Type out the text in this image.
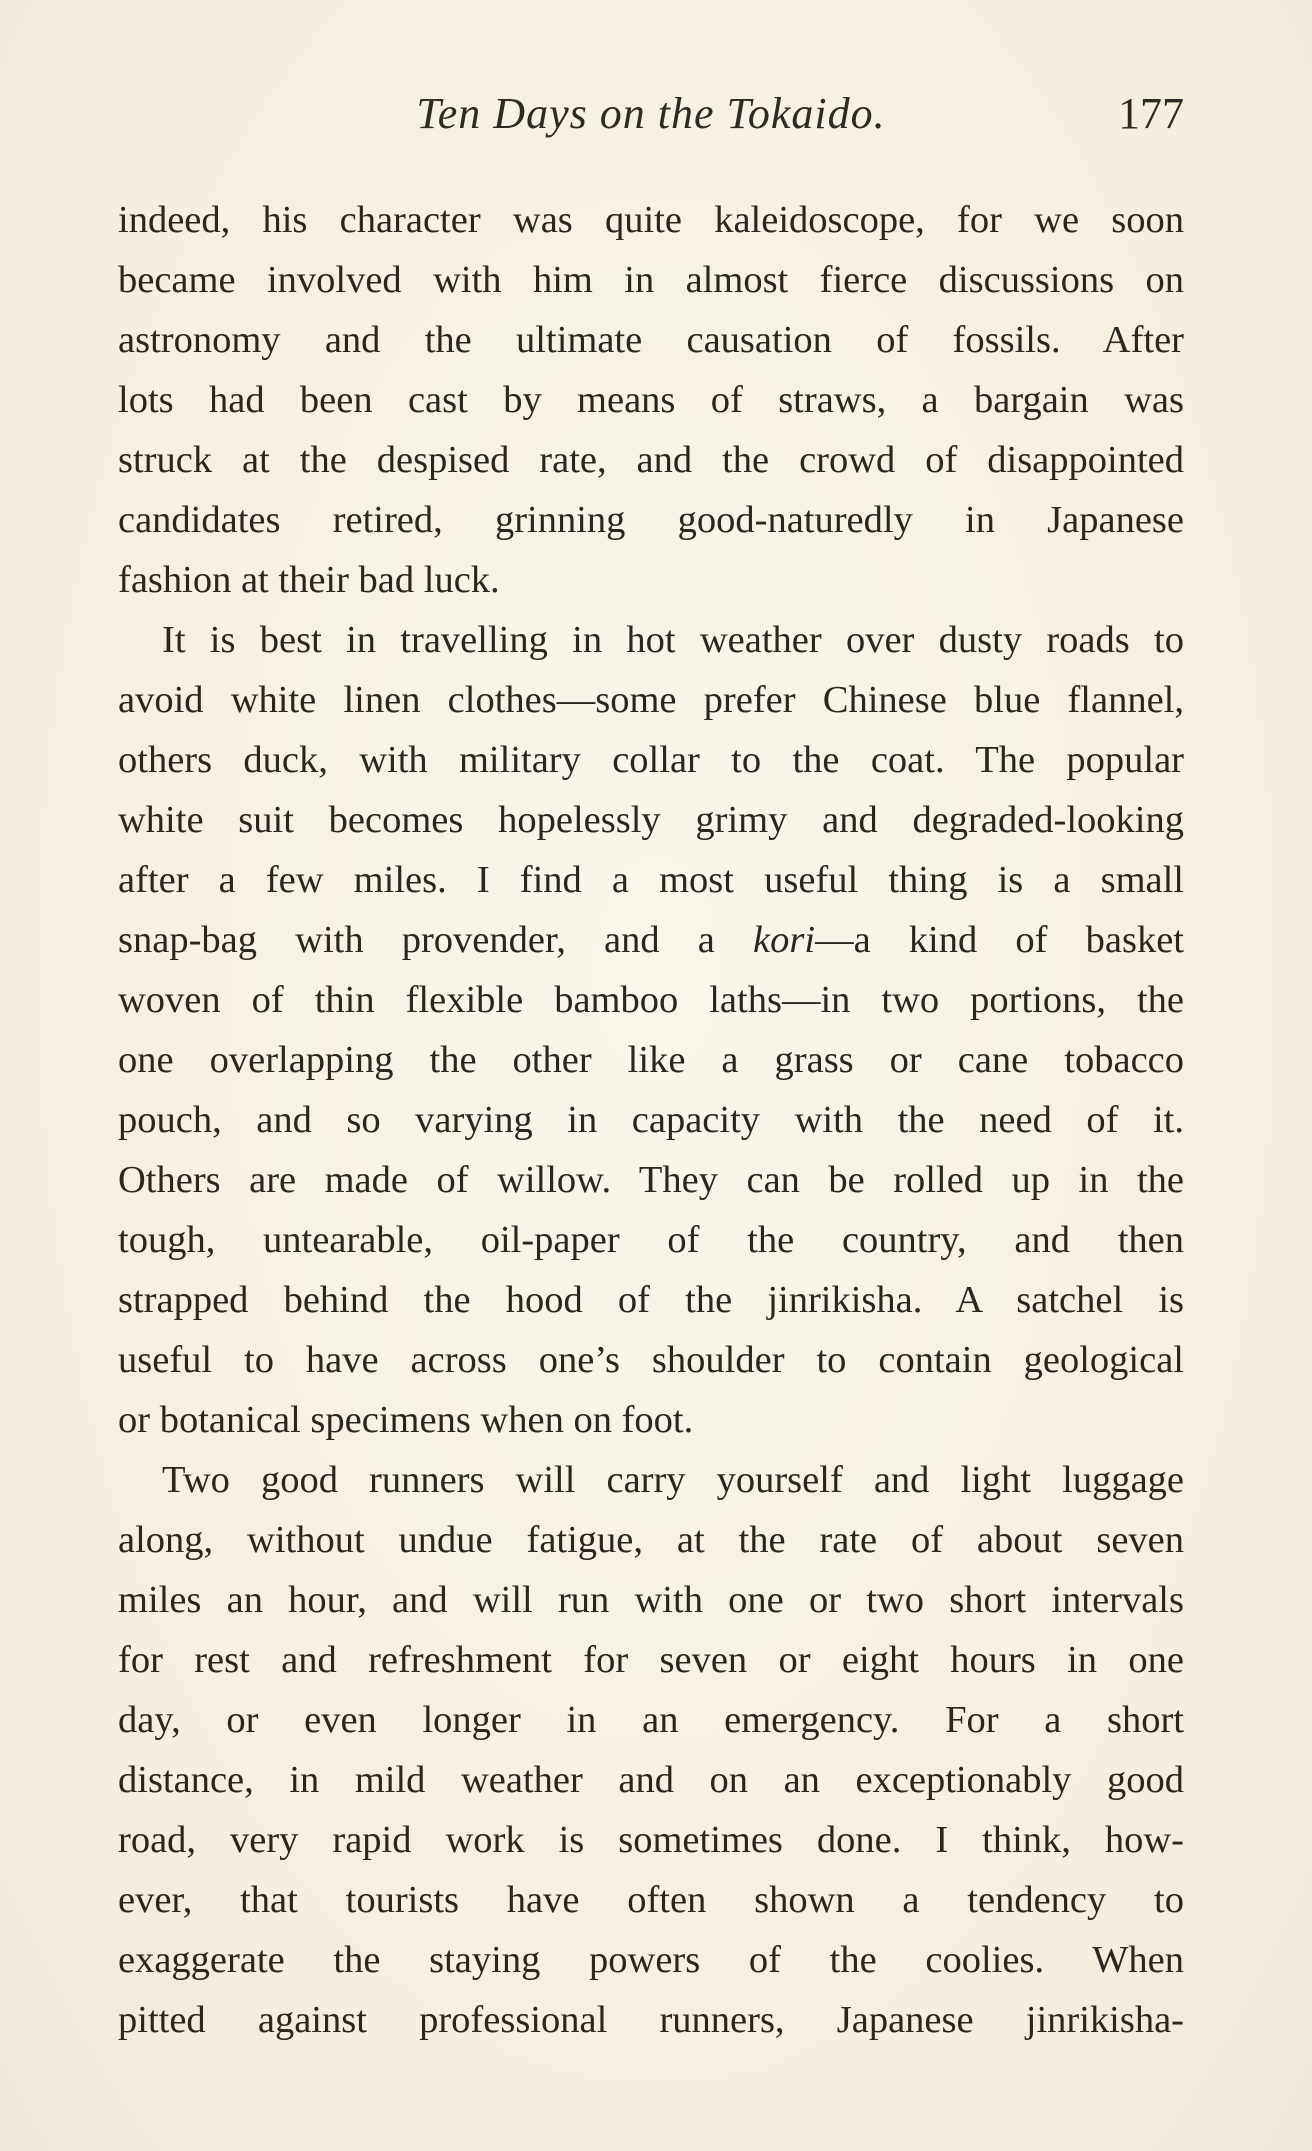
Ten Days on the Tokaido.	177
indeed, his character was quite kaleidoscope, for we soon
became involved with him in almost fierce discussions on
astronomy and the ultimate causation of fossils. After
lots had been cast by means of straws, a bargain was
struck at the despised rate, and the crowd of disappointed
candidates retired, grinning good-naturedly in Japanese
fashion at their bad luck.
It is best in travelling in hot weather over dusty roads to
avoid white linen clothes—some prefer Chinese blue flannel,
others duck, with military collar to the coat. The popular
white suit becomes hopelessly grimy and degraded-looking
after a few miles. I find a most useful thing is a small
snap-bag with provender, and a kori—a kind of basket
woven of thin flexible bamboo laths—in two portions, the
one overlapping the other like a grass or cane tobacco
pouch, and so varying in capacity with the need of it.
Others are made of willow. They can be rolled up in the
tough, untearable, oil-paper of the country, and then
strapped behind the hood of the jinrikisha. A satchel is
useful to have across one’s shoulder to contain geological
or botanical specimens when on foot.
Two good runners will carry yourself and light luggage
along, without undue fatigue, at the rate of about seven
miles an hour, and will run with one or two short intervals
for rest and refreshment for seven or eight hours in one
day, or even longer in an emergency. For a short
distance, in mild weather and on an exceptionably good
road, very rapid work is sometimes done. I think, how-
ever, that tourists have often shown a tendency to
exaggerate the staying powers of the coolies. When
pitted against professional runners, Japanese jinrikisha-
